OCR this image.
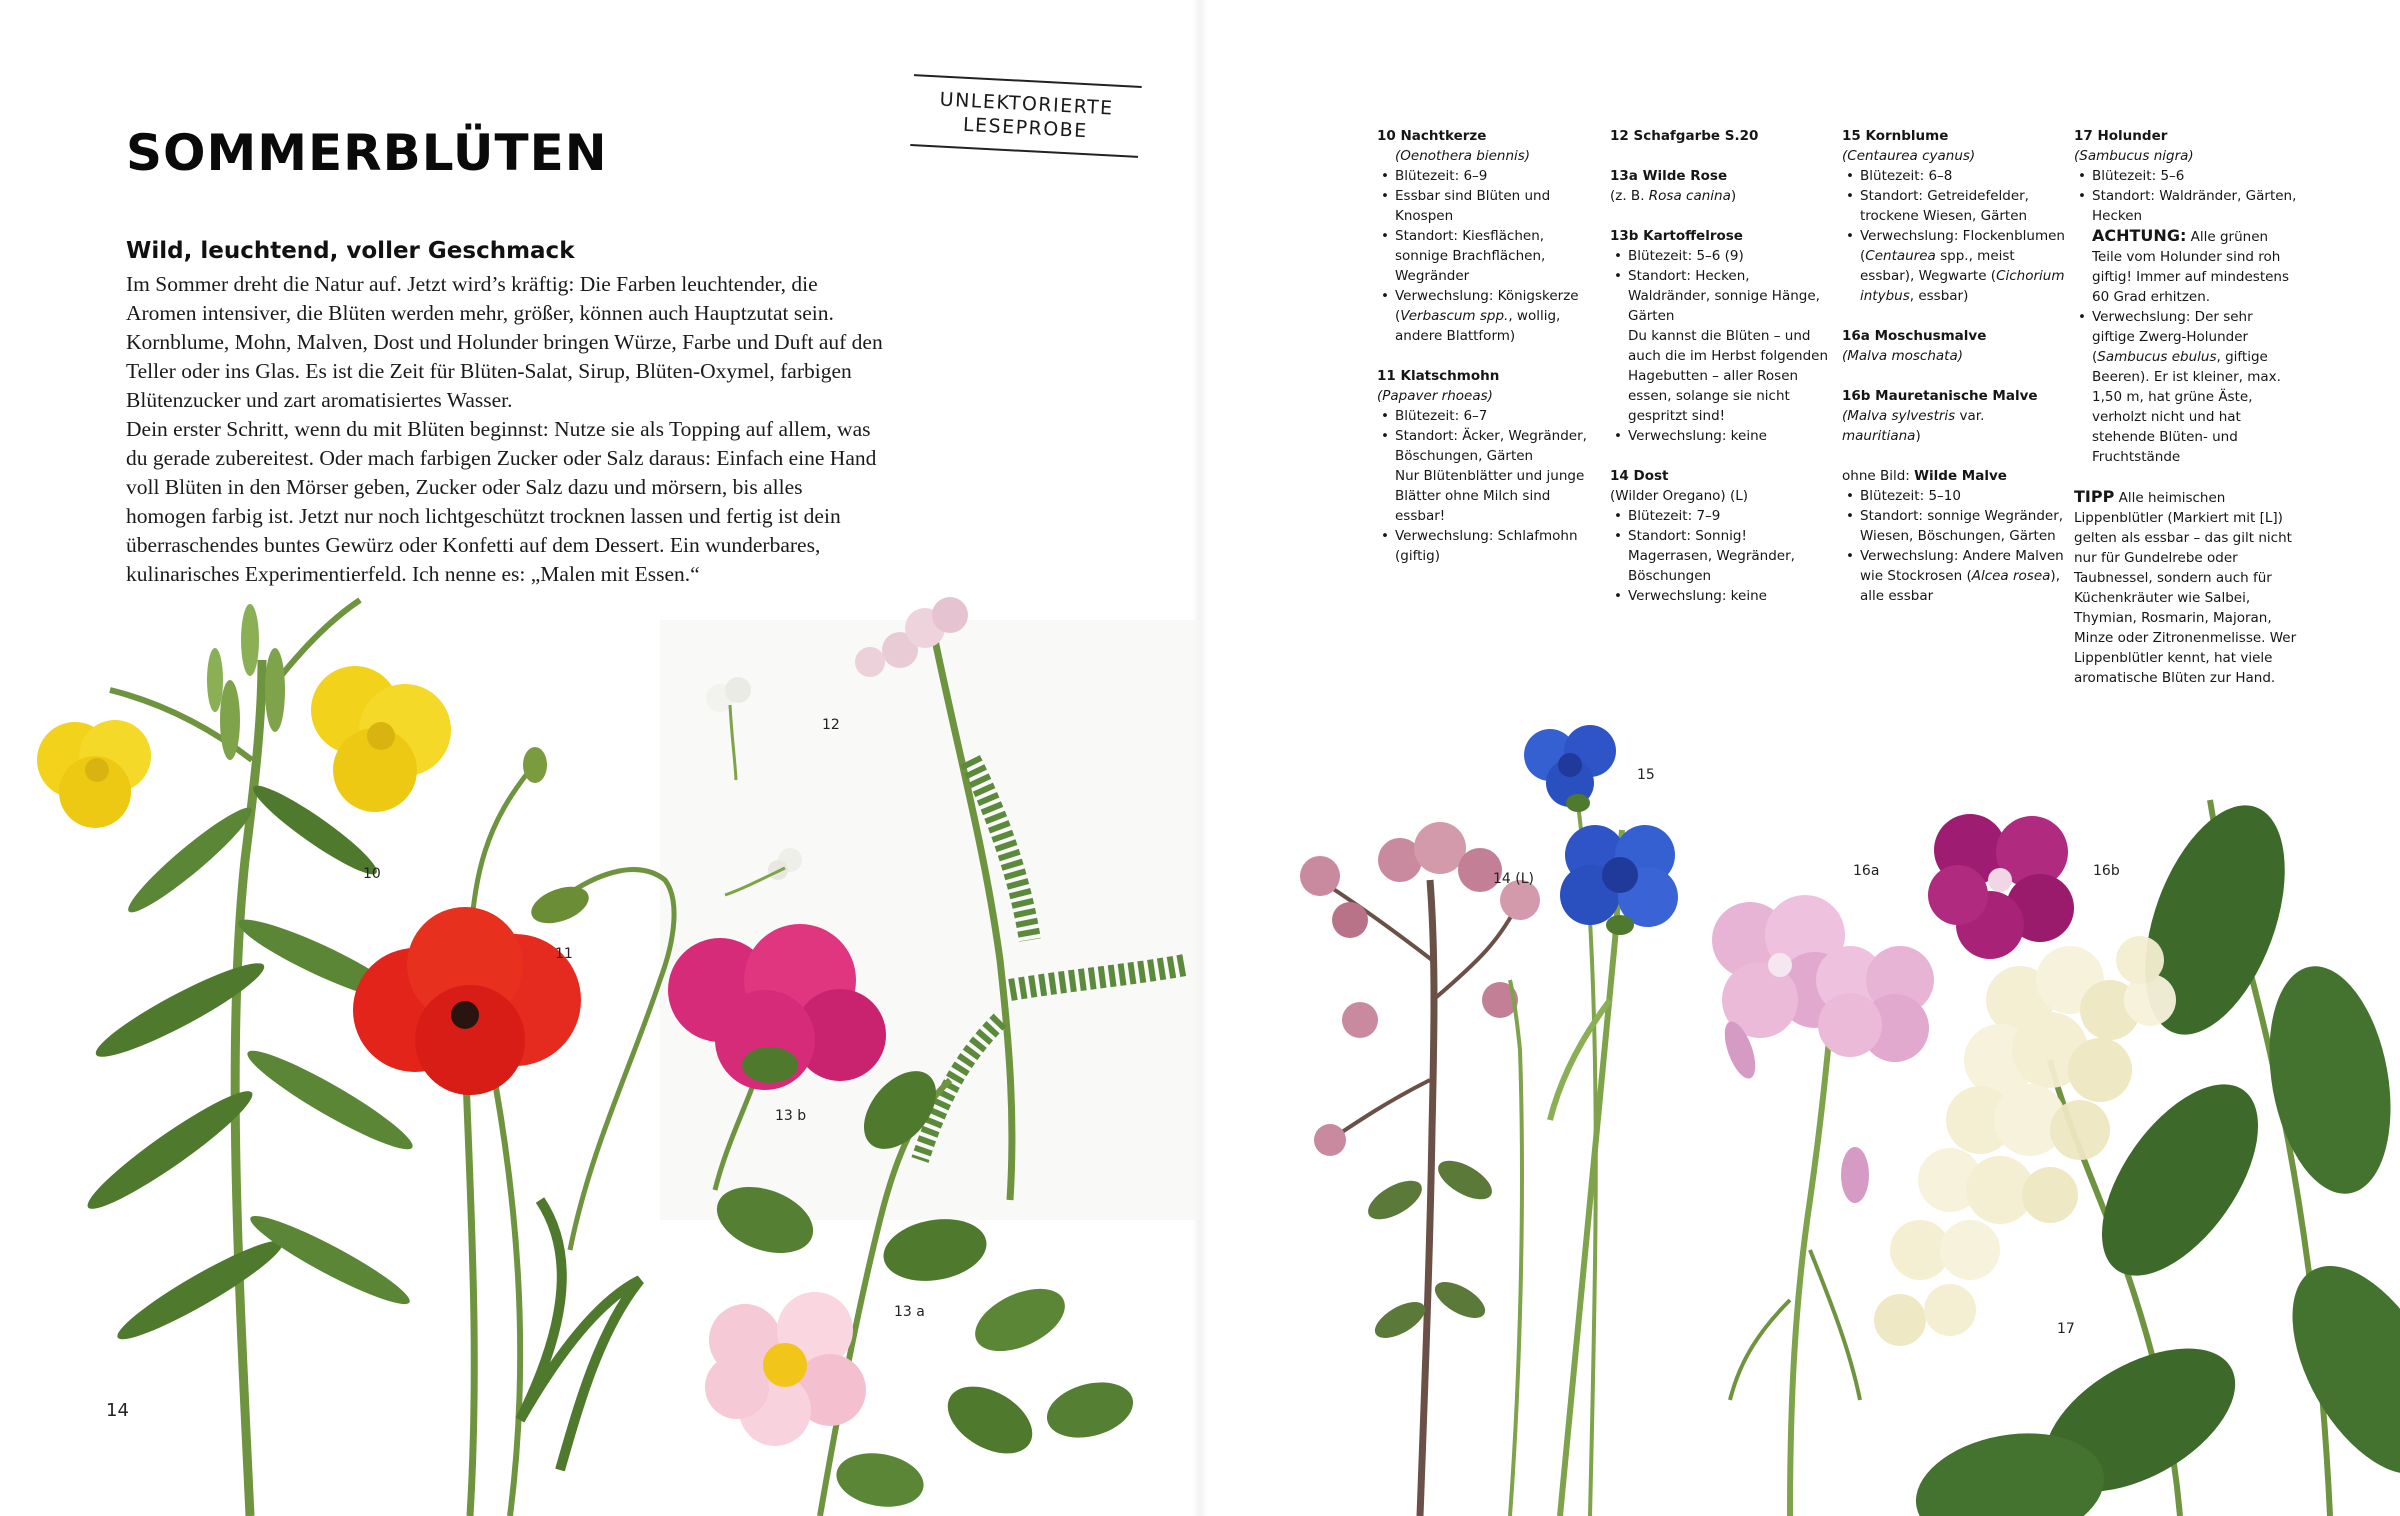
10
11
12
13 b
13 a
14 (L)
15
16a	16b
17
SOMMERBLÜTEN
UNLEKTORIERTE
LESEPROBE
Wild, leuchtend, voller Geschmack

Im Sommer dreht die Natur auf. Jetzt wird’s kräftig: Die Farben leuchtender, die Aromen intensiver, die Blüten werden mehr, größer, können auch Hauptzutat sein. Kornblume, Mohn, Malven, Dost und Holunder bringen Würze, Farbe und Duft auf den Teller oder ins Glas. Es ist die Zeit für Blüten-Salat, Sirup, Blüten-Oxymel, farbigen Blütenzucker und zart aromatisiertes Wasser.

Dein erster Schritt, wenn du mit Blüten beginnst: Nutze sie als Topping auf allem, was du gerade zubereitest. Oder mach farbigen Zucker oder Salz daraus: Einfach eine Hand voll Blüten in den Mörser geben, Zucker oder Salz dazu und mörsern, bis alles homogen farbig ist. Jetzt nur noch lichtgeschützt trocknen lassen und fertig ist dein überraschendes buntes Gewürz oder Konfetti auf dem Dessert. Ein wunderbares, kulinarisches Experimentierfeld. Ich nenne es: „Malen mit Essen.“

14
10 Nachtkerze
(Oenothera biennis)
• Blütezeit: 6–9
• Essbar sind Blüten und Knospen
• Standort: Kiesflächen, sonnige Brachflächen, Wegränder
• Verwechslung: Königskerze (Verbascum spp., wollig, andere Blattform)
11 Klatschmohn
(Papaver rhoeas)
• Blütezeit: 6–7
• Standort: Äcker, Wegränder, Böschungen, Gärten
Nur Blütenblätter und junge Blätter ohne Milch sind essbar!
• Verwechslung: Schlafmohn (giftig)
12 Schafgarbe S.20
13a Wilde Rose
(z. B. Rosa canina)
13b Kartoffelrose
• Blütezeit: 5–6 (9)
• Standort: Hecken, Waldränder, sonnige Hänge, Gärten
Du kannst die Blüten – und auch die im Herbst folgenden Hagebutten – aller Rosen essen, solange sie nicht gespritzt sind!
• Verwechslung: keine
14 Dost
(Wilder Oregano) (L)
• Blütezeit: 7–9
• Standort: Sonnig! Magerrasen, Wegränder, Böschungen
• Verwechslung: keine
15 Kornblume
(Centaurea cyanus)
• Blütezeit: 6–8
• Standort: Getreidefelder, trockene Wiesen, Gärten
• Verwechslung: Flockenblumen (Centaurea spp., meist essbar), Wegwarte (Cichorium intybus, essbar)
16a Moschusmalve
(Malva moschata)
16b Mauretanische Malve
(Malva sylvestris var. mauritiana)
ohne Bild: Wilde Malve
• Blütezeit: 5–10
• Standort: sonnige Wegränder, Wiesen, Böschungen, Gärten
• Verwechslung: Andere Malven wie Stockrosen (Alcea rosea), alle essbar
17 Holunder
(Sambucus nigra)
• Blütezeit: 5–6
• Standort: Waldränder, Gärten, Hecken
ACHTUNG: Alle grünen Teile vom Holunder sind roh giftig! Immer auf mindestens 60 Grad erhitzen.
• Verwechslung: Der sehr giftige Zwerg-Holunder (Sambucus ebulus, giftige Beeren). Er ist kleiner, max. 1,50 m, hat grüne Äste, verholzt nicht und hat stehende Blüten- und Fruchtstände
TIPP Alle heimischen Lippenblütler (Markiert mit [L]) gelten als essbar – das gilt nicht nur für Gundelrebe oder Taubnessel, sondern auch für Küchenkräuter wie Salbei, Thymian, Rosmarin, Majoran, Minze oder Zitronenmelisse. Wer Lippenblütler kennt, hat viele aromatische Blüten zur Hand.
